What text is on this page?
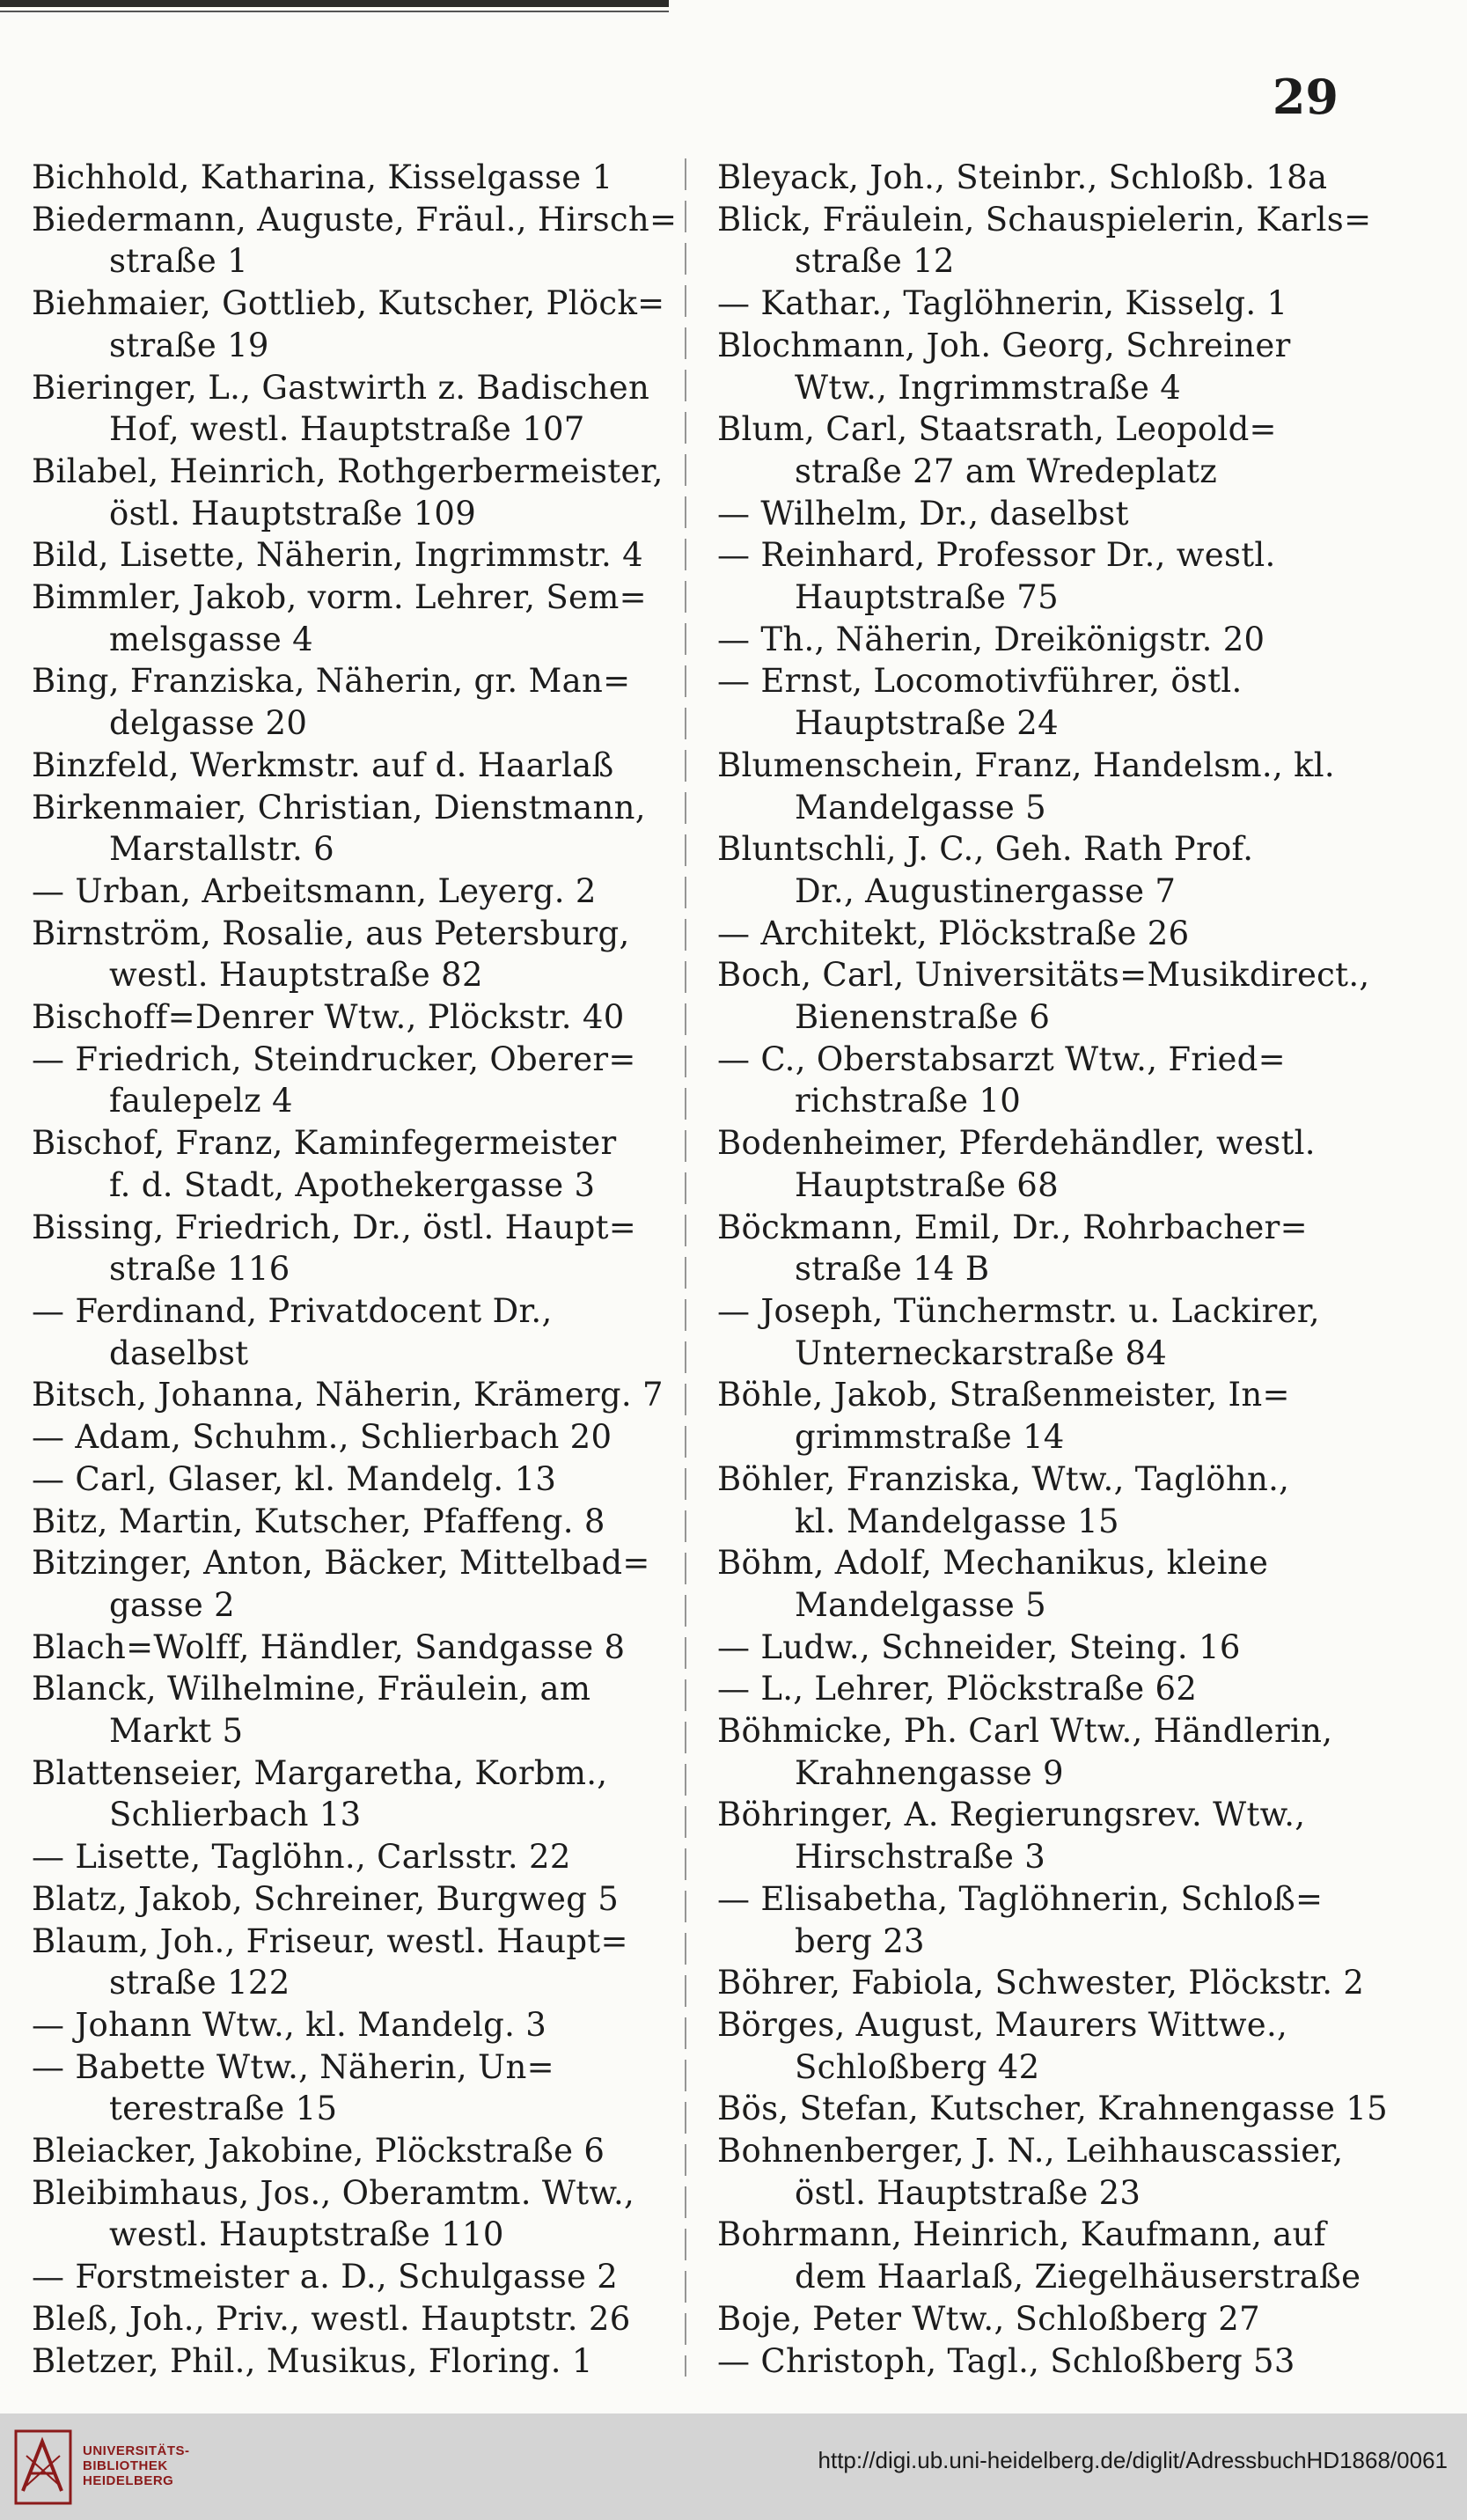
29
Bichhold, Katharina, Kisselgasse 1
Biedermann, Auguste, Fräul., Hirsch=
straße 1
Biehmaier, Gottlieb, Kutscher, Plöck=
straße 19
Bieringer, L., Gastwirth z. Badischen
Hof, westl. Hauptstraße 107
Bilabel, Heinrich, Rothgerbermeister,
östl. Hauptstraße 109
Bild, Lisette, Näherin, Ingrimmstr. 4
Bimmler, Jakob, vorm. Lehrer, Sem=
melsgasse 4
Bing, Franziska, Näherin, gr. Man=
delgasse 20
Binzfeld, Werkmstr. auf d. Haarlaß
Birkenmaier, Christian, Dienstmann,
Marstallstr. 6
— Urban, Arbeitsmann, Leyerg. 2
Birnström, Rosalie, aus Petersburg,
westl. Hauptstraße 82
Bischoff=Denrer Wtw., Plöckstr. 40
— Friedrich, Steindrucker, Oberer=
faulepelz 4
Bischof, Franz, Kaminfegermeister
f. d. Stadt, Apothekergasse 3
Bissing, Friedrich, Dr., östl. Haupt=
straße 116
— Ferdinand, Privatdocent Dr.,
daselbst
Bitsch, Johanna, Näherin, Krämerg. 7
— Adam, Schuhm., Schlierbach 20
— Carl, Glaser, kl. Mandelg. 13
Bitz, Martin, Kutscher, Pfaffeng. 8
Bitzinger, Anton, Bäcker, Mittelbad=
gasse 2
Blach=Wolff, Händler, Sandgasse 8
Blanck, Wilhelmine, Fräulein, am
Markt 5
Blattenseier, Margaretha, Korbm.,
Schlierbach 13
— Lisette, Taglöhn., Carlsstr. 22
Blatz, Jakob, Schreiner, Burgweg 5
Blaum, Joh., Friseur, westl. Haupt=
straße 122
— Johann Wtw., kl. Mandelg. 3
— Babette Wtw., Näherin, Un=
terestraße 15
Bleiacker, Jakobine, Plöckstraße 6
Bleibimhaus, Jos., Oberamtm. Wtw.,
westl. Hauptstraße 110
— Forstmeister a. D., Schulgasse 2
Bleß, Joh., Priv., westl. Hauptstr. 26
Bletzer, Phil., Musikus, Floring. 1
Bleyack, Joh., Steinbr., Schloßb. 18a
Blick, Fräulein, Schauspielerin, Karls=
straße 12
— Kathar., Taglöhnerin, Kisselg. 1
Blochmann, Joh. Georg, Schreiner
Wtw., Ingrimmstraße 4
Blum, Carl, Staatsrath, Leopold=
straße 27 am Wredeplatz
— Wilhelm, Dr., daselbst
— Reinhard, Professor Dr., westl.
Hauptstraße 75
— Th., Näherin, Dreikönigstr. 20
— Ernst, Locomotivführer, östl.
Hauptstraße 24
Blumenschein, Franz, Handelsm., kl.
Mandelgasse 5
Bluntschli, J. C., Geh. Rath Prof.
Dr., Augustinergasse 7
— Architekt, Plöckstraße 26
Boch, Carl, Universitäts=Musikdirect.,
Bienenstraße 6
— C., Oberstabsarzt Wtw., Fried=
richstraße 10
Bodenheimer, Pferdehändler, westl.
Hauptstraße 68
Böckmann, Emil, Dr., Rohrbacher=
straße 14 B
— Joseph, Tünchermstr. u. Lackirer,
Unterneckarstraße 84
Böhle, Jakob, Straßenmeister, In=
grimmstraße 14
Böhler, Franziska, Wtw., Taglöhn.,
kl. Mandelgasse 15
Böhm, Adolf, Mechanikus, kleine
Mandelgasse 5
— Ludw., Schneider, Steing. 16
— L., Lehrer, Plöckstraße 62
Böhmicke, Ph. Carl Wtw., Händlerin,
Krahnengasse 9
Böhringer, A. Regierungsrev. Wtw.,
Hirschstraße 3
— Elisabetha, Taglöhnerin, Schloß=
berg 23
Böhrer, Fabiola, Schwester, Plöckstr. 2
Börges, August, Maurers Wittwe.,
Schloßberg 42
Bös, Stefan, Kutscher, Krahnengasse 15
Bohnenberger, J. N., Leihhauscassier,
östl. Hauptstraße 23
Bohrmann, Heinrich, Kaufmann, auf
dem Haarlaß, Ziegelhäuserstraße
Boje, Peter Wtw., Schloßberg 27
— Christoph, Tagl., Schloßberg 53
UNIVERSITÄTS-
BIBLIOTHEK
HEIDELBERG
http://digi.ub.uni-heidelberg.de/diglit/AdressbuchHD1868/0061
